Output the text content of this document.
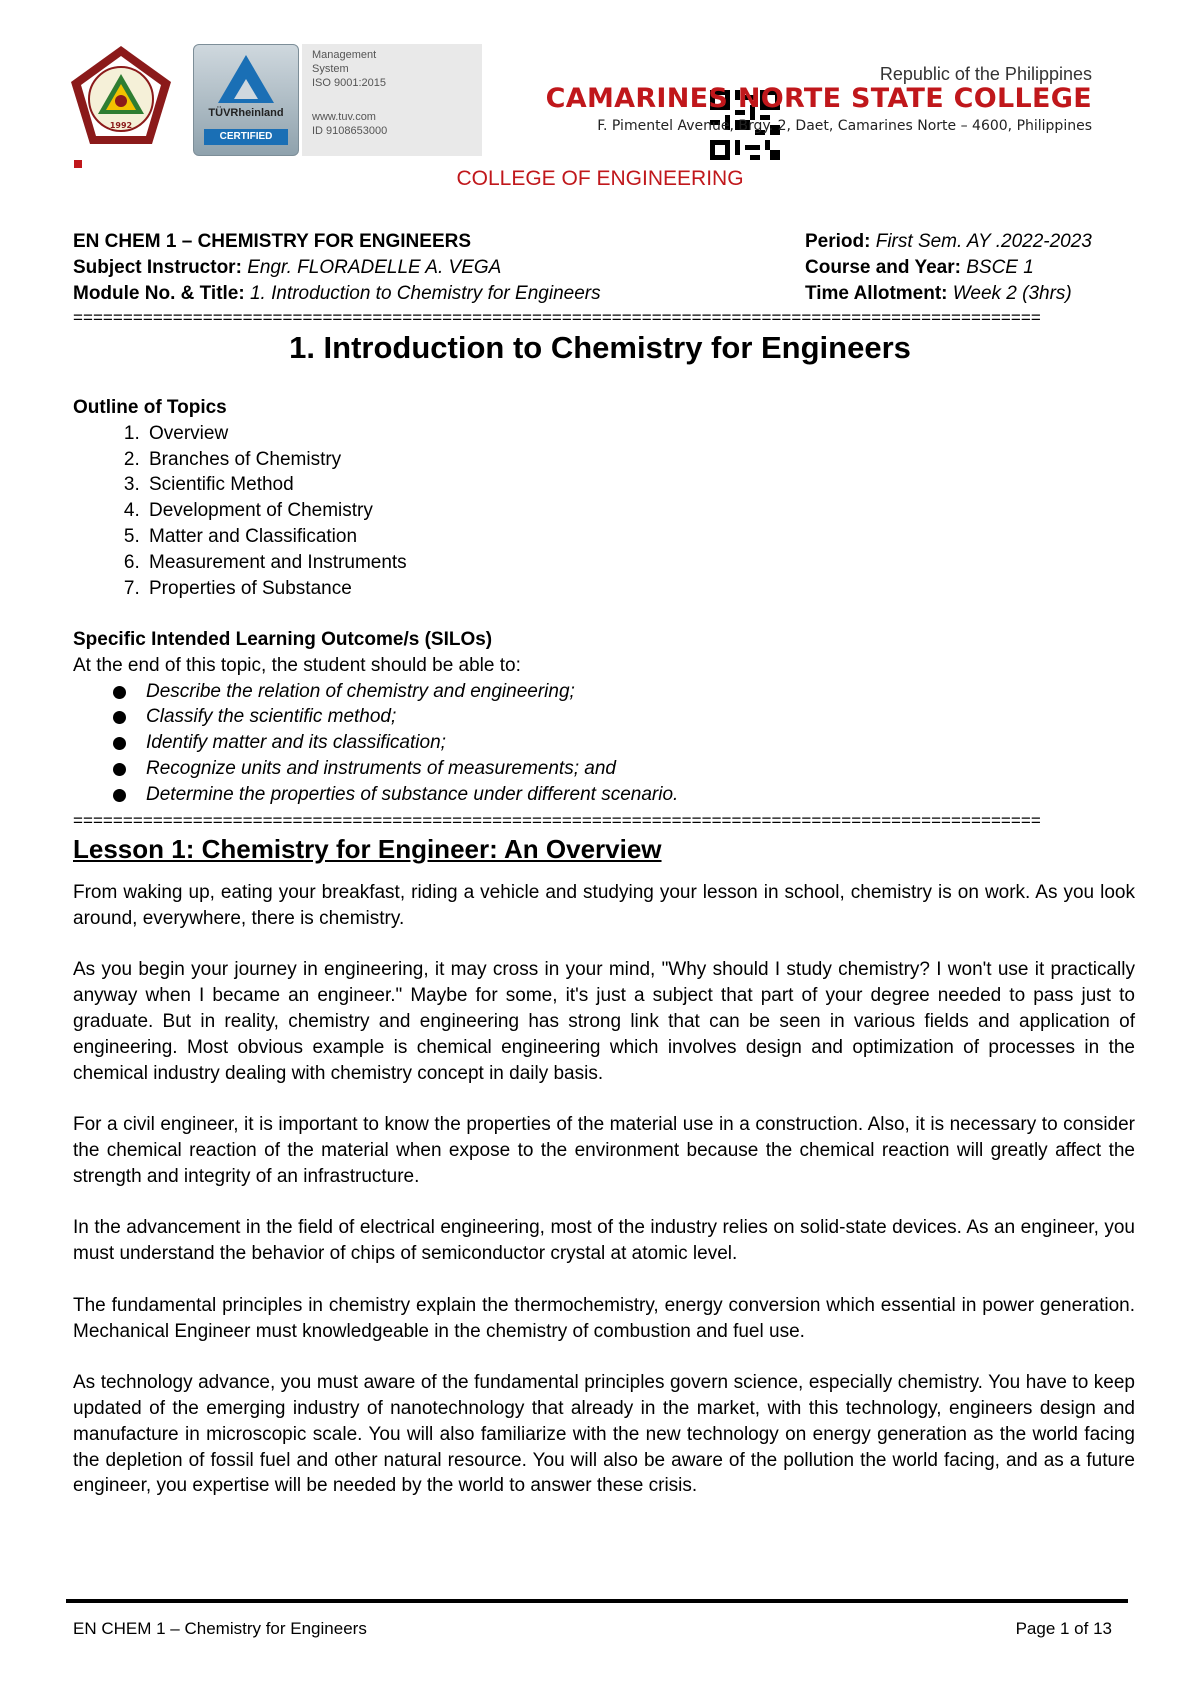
1992
TÜVRheinland
CERTIFIED
Management
System
ISO 9001:2015
www.tuv.com
ID 9108653000
Republic of the Philippines
CAMARINES NORTE STATE COLLEGE
F. Pimentel Avenue, Brgy. 2, Daet, Camarines Norte – 4600, Philippines
COLLEGE OF ENGINEERING
EN CHEM 1 – CHEMISTRY FOR ENGINEERS
Subject Instructor: Engr. FLORADELLE A. VEGA
Module No. & Title: 1. Introduction to Chemistry for Engineers
Period: First Sem. AY .2022-2023
Course and Year: BSCE 1
Time Allotment: Week 2 (3hrs)
=================================================================================================
1. Introduction to Chemistry for Engineers
Outline of Topics
1. Overview
2. Branches of Chemistry
3. Scientific Method
4. Development of Chemistry
5. Matter and Classification
6. Measurement and Instruments
7. Properties of Substance
Specific Intended Learning Outcome/s (SILOs)

At the end of this topic, the student should be able to:

Describe the relation of chemistry and engineering;
Classify the scientific method;
Identify matter and its classification;
Recognize units and instruments of measurements; and
Determine the properties of substance under different scenario.
=================================================================================================
Lesson 1: Chemistry for Engineer: An Overview

From waking up, eating your breakfast, riding a vehicle and studying your lesson in school, chemistry is on work. As you look around, everywhere, there is chemistry.

As you begin your journey in engineering, it may cross in your mind, "Why should I study chemistry? I won't use it practically anyway when I became an engineer." Maybe for some, it's just a subject that part of your degree needed to pass just to graduate. But in reality, chemistry and engineering has strong link that can be seen in various fields and application of engineering. Most obvious example is chemical engineering which involves design and optimization of processes in the chemical industry dealing with chemistry concept in daily basis.

For a civil engineer, it is important to know the properties of the material use in a construction. Also, it is necessary to consider the chemical reaction of the material when expose to the environment because the chemical reaction will greatly affect the strength and integrity of an infrastructure.

In the advancement in the field of electrical engineering, most of the industry relies on solid-state devices. As an engineer, you must understand the behavior of chips of semiconductor crystal at atomic level.

The fundamental principles in chemistry explain the thermochemistry, energy conversion which essential in power generation. Mechanical Engineer must knowledgeable in the chemistry of combustion and fuel use.

As technology advance, you must aware of the fundamental principles govern science, especially chemistry. You have to keep updated of the emerging industry of nanotechnology that already in the market, with this technology, engineers design and manufacture in microscopic scale. You will also familiarize with the new technology on energy generation as the world facing the depletion of fossil fuel and other natural resource. You will also be aware of the pollution the world facing, and as a future engineer, you expertise will be needed by the world to answer these crisis.

EN CHEM 1 – Chemistry for Engineers	Page 1 of 13
